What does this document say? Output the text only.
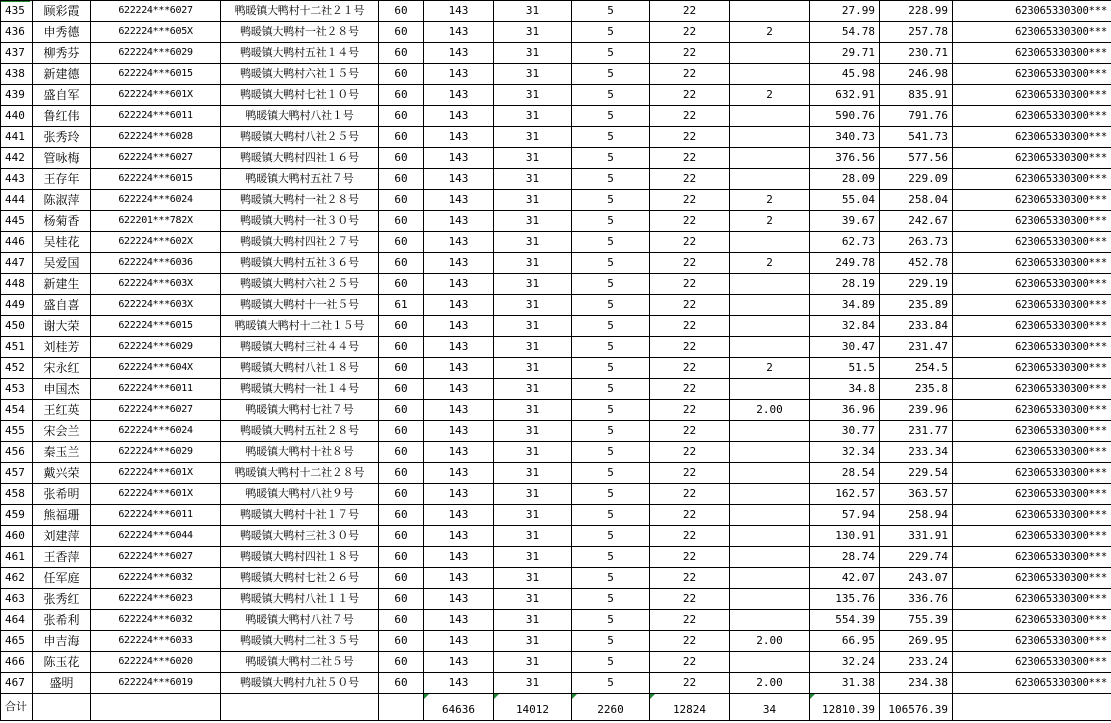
435	顾彩霞	622224***6027	鸭暖镇大鸭村十二社２１号	60	143	31	5	22		27.99	228.99	623065330300***
436	申秀德	622224***605X	鸭暖镇大鸭村一社２８号	60	143	31	5	22	2	54.78	257.78	623065330300***
437	柳秀芬	622224***6029	鸭暖镇大鸭村五社１４号	60	143	31	5	22		29.71	230.71	623065330300***
438	新建德	622224***6015	鸭暖镇大鸭村六社１５号	60	143	31	5	22		45.98	246.98	623065330300***
439	盛自军	622224***601X	鸭暖镇大鸭村七社１０号	60	143	31	5	22	2	632.91	835.91	623065330300***
440	鲁红伟	622224***6011	鸭暖镇大鸭村八社１号	60	143	31	5	22		590.76	791.76	623065330300***
441	张秀玲	622224***6028	鸭暖镇大鸭村八社２５号	60	143	31	5	22		340.73	541.73	623065330300***
442	管咏梅	622224***6027	鸭暖镇大鸭村四社１６号	60	143	31	5	22		376.56	577.56	623065330300***
443	王存年	622224***6015	鸭暖镇大鸭村五社７号	60	143	31	5	22		28.09	229.09	623065330300***
444	陈淑萍	622224***6024	鸭暖镇大鸭村一社２８号	60	143	31	5	22	2	55.04	258.04	623065330300***
445	杨菊香	622201***782X	鸭暖镇大鸭村一社３０号	60	143	31	5	22	2	39.67	242.67	623065330300***
446	吴桂花	622224***602X	鸭暖镇大鸭村四社２７号	60	143	31	5	22		62.73	263.73	623065330300***
447	吴爱国	622224***6036	鸭暖镇大鸭村五社３６号	60	143	31	5	22	2	249.78	452.78	623065330300***
448	新建生	622224***603X	鸭暖镇大鸭村六社２５号	60	143	31	5	22		28.19	229.19	623065330300***
449	盛自喜	622224***603X	鸭暖镇大鸭村十一社５号	61	143	31	5	22		34.89	235.89	623065330300***
450	谢大荣	622224***6015	鸭暖镇大鸭村十二社１５号	60	143	31	5	22		32.84	233.84	623065330300***
451	刘桂芳	622224***6029	鸭暖镇大鸭村三社４４号	60	143	31	5	22		30.47	231.47	623065330300***
452	宋永红	622224***604X	鸭暖镇大鸭村八社１８号	60	143	31	5	22	2	51.5	254.5	623065330300***
453	申国杰	622224***6011	鸭暖镇大鸭村一社１４号	60	143	31	5	22		34.8	235.8	623065330300***
454	王红英	622224***6027	鸭暖镇大鸭村七社７号	60	143	31	5	22	2.00	36.96	239.96	623065330300***
455	宋会兰	622224***6024	鸭暖镇大鸭村五社２８号	60	143	31	5	22		30.77	231.77	623065330300***
456	秦玉兰	622224***6029	鸭暖镇大鸭村十社８号	60	143	31	5	22		32.34	233.34	623065330300***
457	戴兴荣	622224***601X	鸭暖镇大鸭村十二社２８号	60	143	31	5	22		28.54	229.54	623065330300***
458	张希明	622224***601X	鸭暖镇大鸭村八社９号	60	143	31	5	22		162.57	363.57	623065330300***
459	熊福珊	622224***6011	鸭暖镇大鸭村十社１７号	60	143	31	5	22		57.94	258.94	623065330300***
460	刘建萍	622224***6044	鸭暖镇大鸭村三社３０号	60	143	31	5	22		130.91	331.91	623065330300***
461	王香萍	622224***6027	鸭暖镇大鸭村四社１８号	60	143	31	5	22		28.74	229.74	623065330300***
462	任军庭	622224***6032	鸭暖镇大鸭村七社２６号	60	143	31	5	22		42.07	243.07	623065330300***
463	张秀红	622224***6023	鸭暖镇大鸭村八社１１号	60	143	31	5	22		135.76	336.76	623065330300***
464	张希利	622224***6032	鸭暖镇大鸭村八社７号	60	143	31	5	22		554.39	755.39	623065330300***
465	申吉海	622224***6033	鸭暖镇大鸭村二社３５号	60	143	31	5	22	2.00	66.95	269.95	623065330300***
466	陈玉花	622224***6020	鸭暖镇大鸭村二社５号	60	143	31	5	22		32.24	233.24	623065330300***
467	盛明	622224***6019	鸭暖镇大鸭村九社５０号	60	143	31	5	22	2.00	31.38	234.38	623065330300***
合计					64636	14012	2260	12824	34	12810.39	106576.39	
